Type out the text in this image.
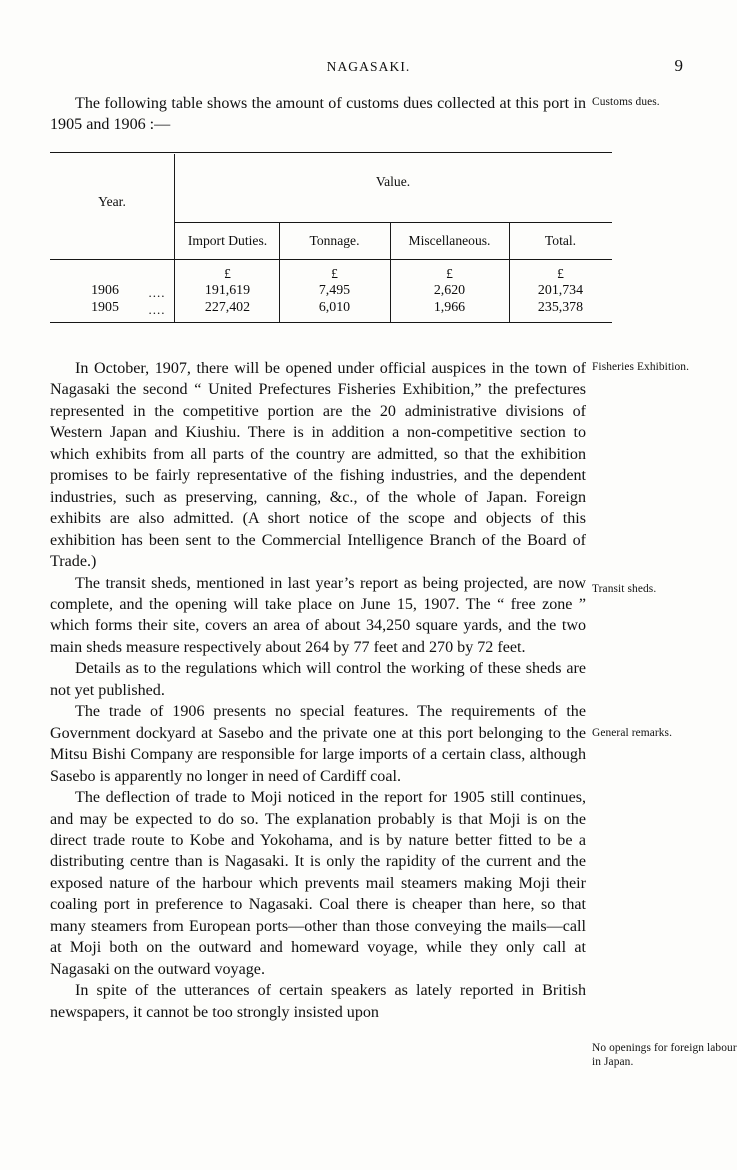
NAGASAKI.	9

The following table shows the amount of customs dues collected at this port in 1905 and 1906 :—

Customs dues.
Fisheries Exhibition.
Transit sheds.
General remarks.
No openings for foreign labour in Japan.
Year.
Value.
Import Duties.	Tonnage.	Miscellaneous.	Total.
£	£	£	£
1906	....	191,619	7,495	2,620	201,734
1905	....	227,402	6,010	1,966	235,378

In October, 1907, there will be opened under official auspices in the town of Nagasaki the second “ United Prefectures Fisheries Exhibition,” the prefectures represented in the competitive portion are the 20 administrative divisions of Western Japan and Kiushiu. There is in addition a non-competitive section to which exhibits from all parts of the country are admitted, so that the exhibition promises to be fairly representative of the fishing industries, and the dependent industries, such as preserving, canning, &c., of the whole of Japan. Foreign exhibits are also admitted. (A short notice of the scope and objects of this exhibition has been sent to the Commercial Intelligence Branch of the Board of Trade.)

The transit sheds, mentioned in last year’s report as being projected, are now complete, and the opening will take place on June 15, 1907. The “ free zone ” which forms their site, covers an area of about 34,250 square yards, and the two main sheds measure respectively about 264 by 77 feet and 270 by 72 feet.

Details as to the regulations which will control the working of these sheds are not yet published.

The trade of 1906 presents no special features. The requirements of the Government dockyard at Sasebo and the private one at this port belonging to the Mitsu Bishi Company are responsible for large imports of a certain class, although Sasebo is apparently no longer in need of Cardiff coal.

The deflection of trade to Moji noticed in the report for 1905 still continues, and may be expected to do so. The explanation probably is that Moji is on the direct trade route to Kobe and Yokohama, and is by nature better fitted to be a distributing centre than is Nagasaki. It is only the rapidity of the current and the exposed nature of the harbour which prevents mail steamers making Moji their coaling port in preference to Nagasaki. Coal there is cheaper than here, so that many steamers from European ports—other than those conveying the mails—call at Moji both on the outward and homeward voyage, while they only call at Nagasaki on the outward voyage.

In spite of the utterances of certain speakers as lately reported in British newspapers, it cannot be too strongly insisted upon
